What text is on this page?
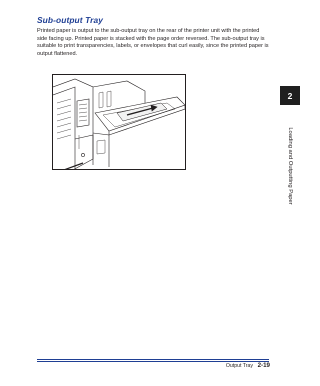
Sub-output Tray

Printed paper is output to the sub-output tray on the rear of the printer unit with the printed side facing up. Printed paper is stacked with the page order reversed. The sub-output tray is suitable to print transparencies, labels, or envelopes that curl easily, since the printed paper is output flattened.

2
Loading and Outputting Paper
Output Tray 2-19
